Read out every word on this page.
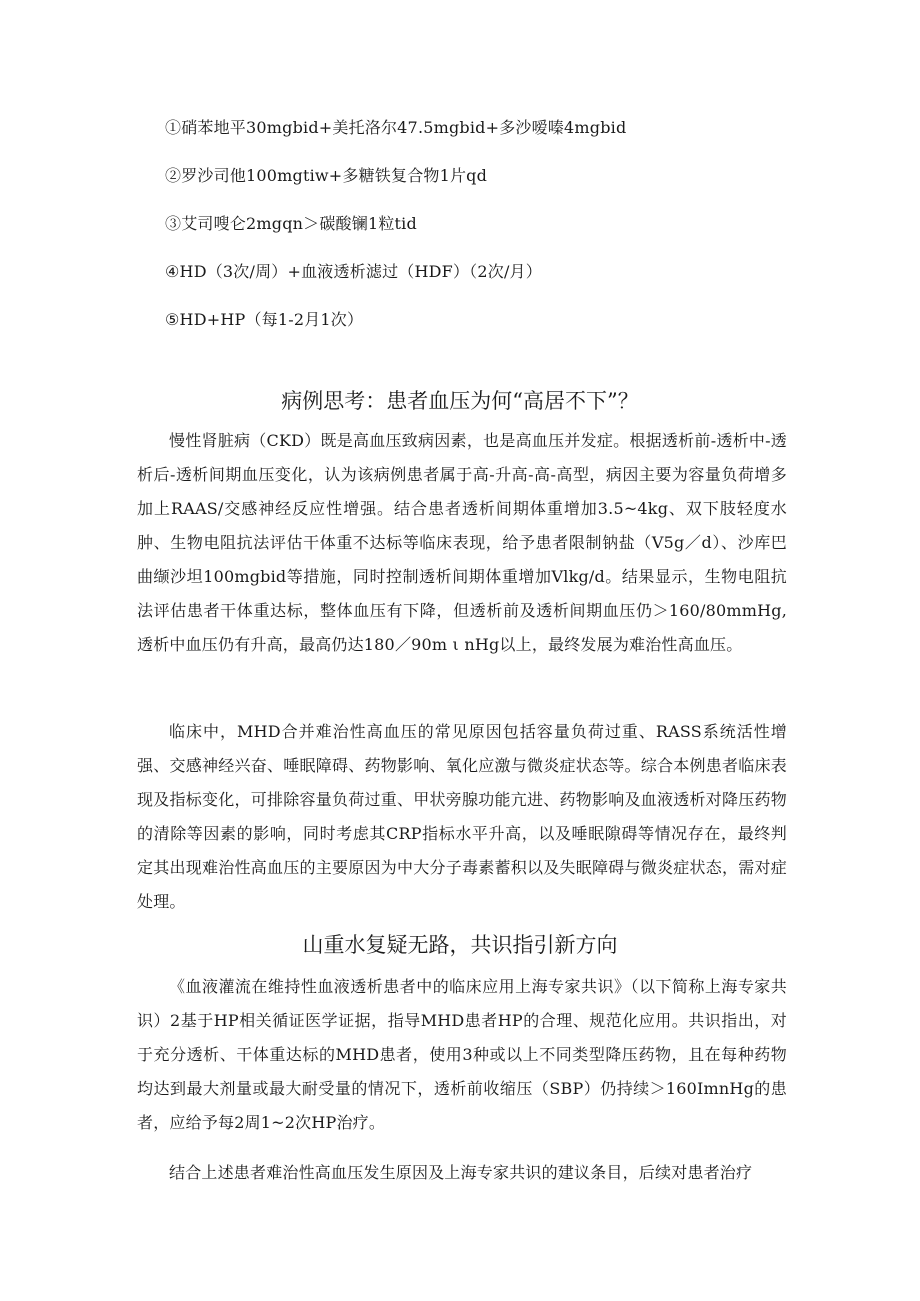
①硝苯地平30mgbid+美托洛尔47.5mgbid+多沙嗳嗪4mgbid
②罗沙司他100mgtiw+多糖铁复合物1片qd
③艾司嗖仑2mgqn＞碳酸镧1粒tid
④HD（3次/周）+血液透析滤过（HDF）（2次/月）
⑤HD+HP（每1-2月1次）
病例思考：患者血压为何“高居不下”？

慢性肾脏病（CKD）既是高血压致病因素，也是高血压并发症。根据透析前-透析中-透析后-透析间期血压变化，认为该病例患者属于高-升高-高-高型，病因主要为容量负荷增多加上RAAS/交感神经反应性增强。结合患者透析间期体重增加3.5~4kg、双下肢轻度水肿、生物电阻抗法评估干体重不达标等临床表现，给予患者限制钠盐（V5g／d）、沙库巴曲缬沙坦100mgbid等措施，同时控制透析间期体重增加Vlkg/d。结果显示，生物电阻抗法评估患者干体重达标，整体血压有下降，但透析前及透析间期血压仍＞160/80mmHg,透析中血压仍有升高，最高仍达180／90m ι nHg以上，最终发展为难治性高血压。

临床中，MHD合并难治性高血压的常见原因包括容量负荷过重、RASS系统活性增强、交感神经兴奋、唾眠障碍、药物影响、氧化应激与微炎症状态等。综合本例患者临床表现及指标变化，可排除容量负荷过重、甲状旁腺功能亢进、药物影响及血液透析对降压药物的清除等因素的影响，同时考虑其CRP指标水平升高，以及唾眠隙碍等情况存在，最终判定其出现难治性高血压的主要原因为中大分子毒素蓄积以及失眠障碍与微炎症状态，需对症处理。

山重水复疑无路，共识指引新方向

《血液灌流在维持性血液透析患者中的临床应用上海专家共识》（以下简称上海专家共识）2基于HP相关循证医学证据，指导MHD患者HP的合理、规范化应用。共识指出，对于充分透析、干体重达标的MHD患者，使用3种或以上不同类型降压药物，且在每种药物均达到最大剂量或最大耐受量的情况下，透析前收缩压（SBP）仍持续＞160ImnHg的患者，应给予每2周1~2次HP治疗。

结合上述患者难治性高血压发生原因及上海专家共识的建议条目，后续对患者治疗
